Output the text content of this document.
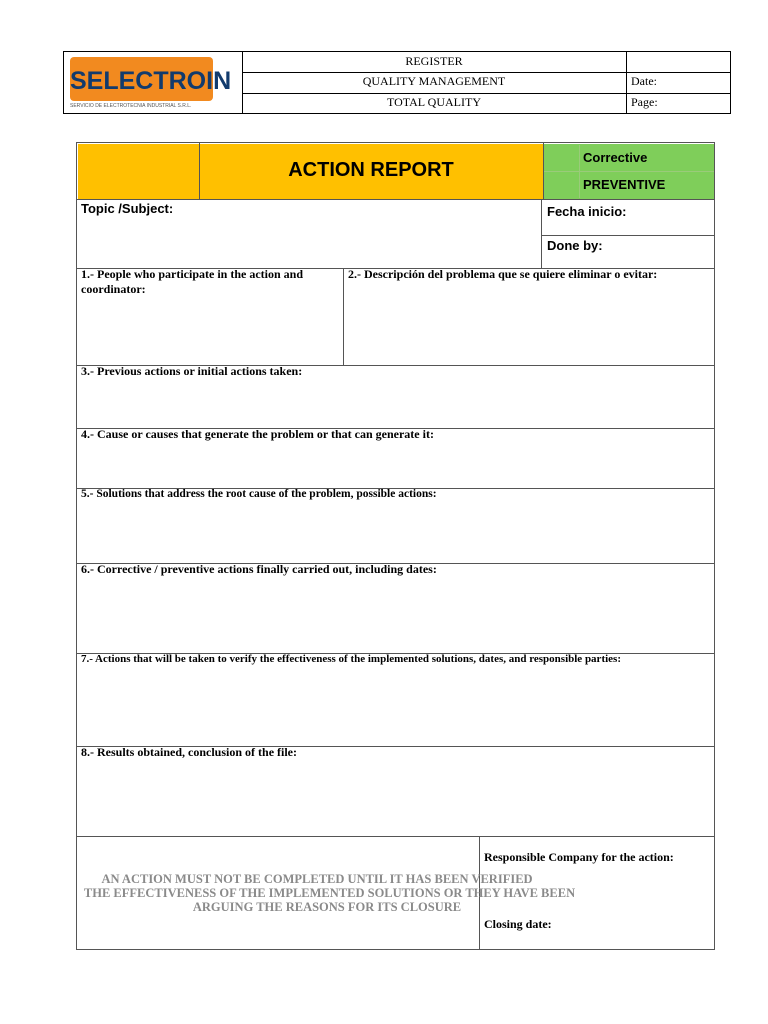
SELECTROIN
SERVICIO DE ELECTROTECNIA INDUSTRIAL S.R.L.
REGISTER
QUALITY MANAGEMENT
TOTAL QUALITY
Date:
Page:
ACTION REPORT
Corrective
PREVENTIVE
Topic /Subject:	Fecha inicio:
Done by:
1.- People who participate in the action and coordinator:
2.- Descripción del problema que se quiere eliminar o evitar:
3.- Previous actions or initial actions taken:
4.- Cause or causes that generate the problem or that can generate it:
5.- Solutions that address the root cause of the problem, possible actions:
6.- Corrective / preventive actions finally carried out, including dates:
7.- Actions that will be taken to verify the effectiveness of the implemented solutions, dates, and responsible parties:
8.- Results obtained, conclusion of the file:
AN ACTION MUST NOT BE COMPLETED UNTIL IT HAS BEEN VERIFIED
THE EFFECTIVENESS OF THE IMPLEMENTED SOLUTIONS OR THEY HAVE BEEN
ARGUING THE REASONS FOR ITS CLOSURE
Responsible Company for the action:
Closing date:
